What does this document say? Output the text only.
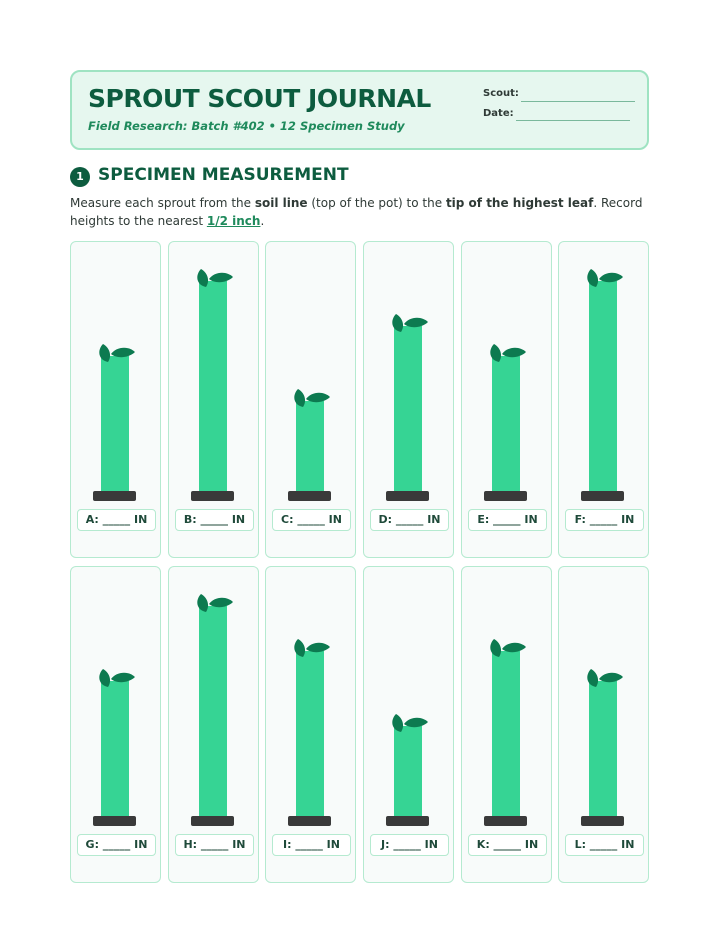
SPROUT SCOUT JOURNAL
Field Research: Batch #402 • 12 Specimen Study
Scout:
Date:
1 SPECIMEN MEASUREMENT
Measure each sprout from the soil line (top of the pot) to the tip of the highest leaf. Record heights to the nearest 1/2 inch.
A: _____ IN	B: _____ IN	C: _____ IN	D: _____ IN	E: _____ IN	F: _____ IN
G: _____ IN	H: _____ IN	I: _____ IN	J: _____ IN	K: _____ IN	L: _____ IN
